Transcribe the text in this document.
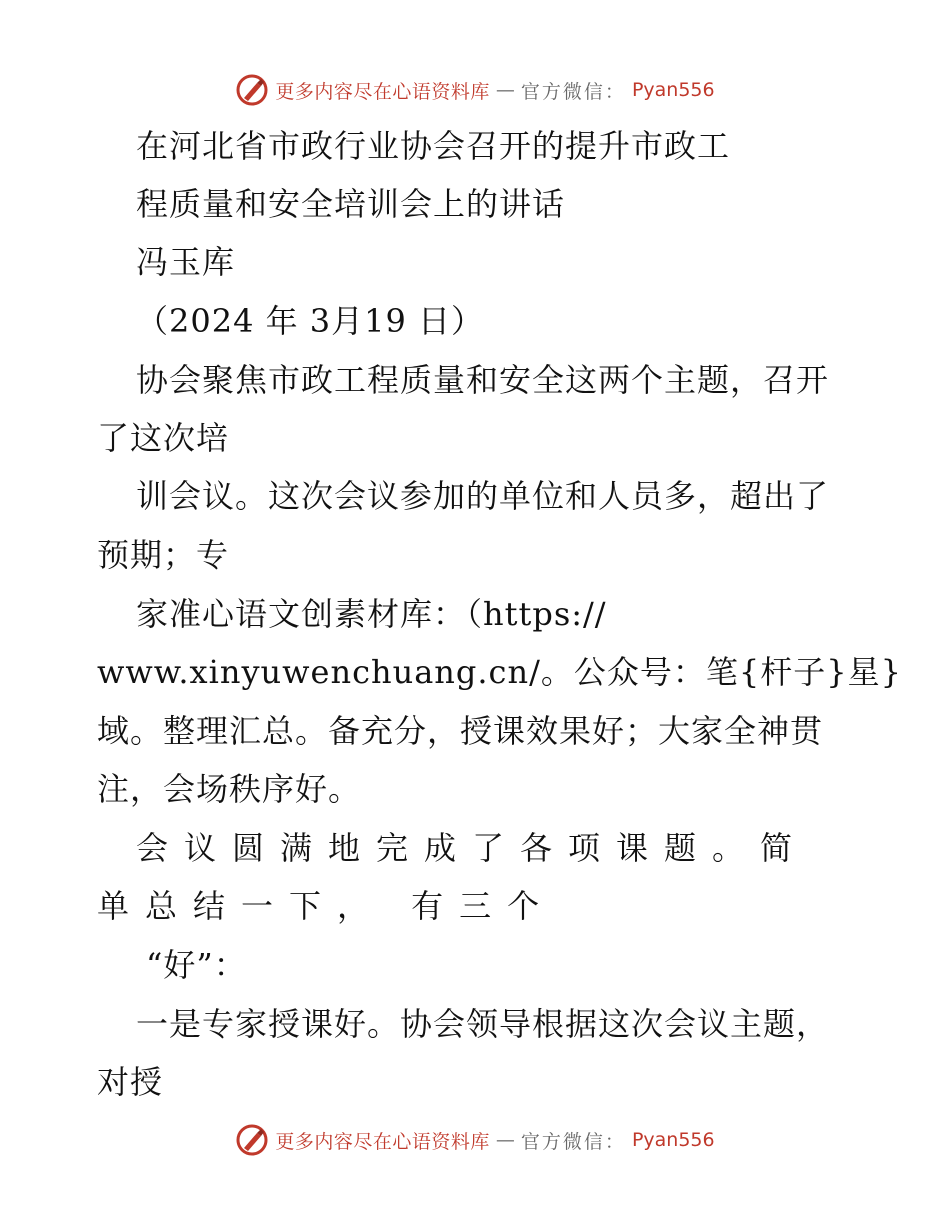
更多内容尽在心语资料库 — 官方微信： Pyan556
在河北省市政行业协会召开的提升市政工
程质量和安全培训会上的讲话
冯玉库
（2024 年 3月19 日）
协会聚焦市政工程质量和安全这两个主题，召开
了这次培
训会议。这次会议参加的单位和人员多，超出了
预期；专
家准心语文创素材库：（https://
www.xinyuwenchuang.cn/。公众号：笔{杆子}星}
域。整理汇总。备充分，授课效果好；大家全神贯
注，会场秩序好。
会议圆满地完成了各项课题。简
单总结一下， 有三个
“好”：
一是专家授课好。协会领导根据这次会议主题，
对授
更多内容尽在心语资料库 — 官方微信： Pyan556
